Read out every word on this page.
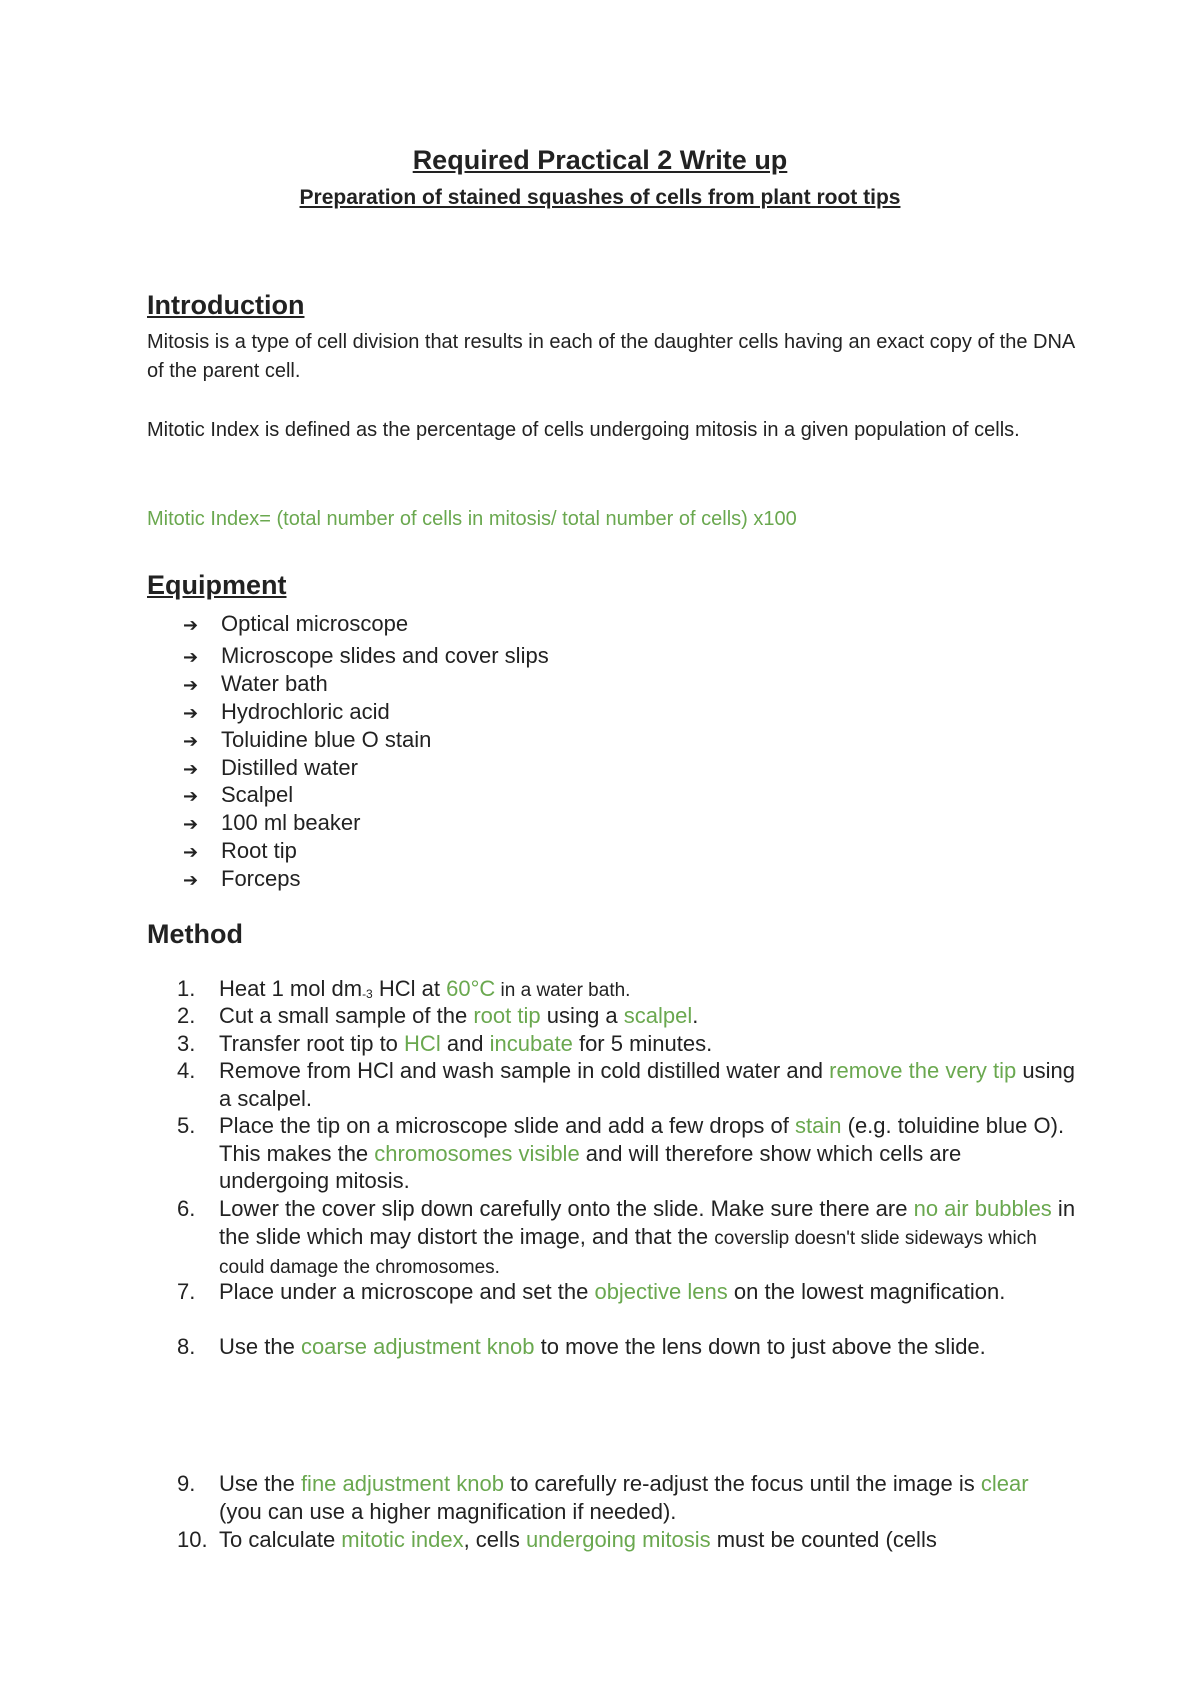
Required Practical 2 Write up
Preparation of stained squashes of cells from plant root tips
Introduction
Mitosis is a type of cell division that results in each of the daughter cells having an exact copy of the DNA of the parent cell.
Mitotic Index is defined as the percentage of cells undergoing mitosis in a given population of cells.
Mitotic Index= (total number of cells in mitosis/ total number of cells) x100
Equipment
➔ Optical microscope
➔ Microscope slides and cover slips
➔ Water bath
➔ Hydrochloric acid
➔ Toluidine blue O stain
➔ Distilled water
➔ Scalpel
➔ 100 ml beaker
➔ Root tip
➔ Forceps
Method
1.	Heat 1 mol dm-3 HCl at 60°C in a water bath.
2.	Cut a small sample of the root tip using a scalpel.
3.	Transfer root tip to HCl and incubate for 5 minutes.
4.	Remove from HCl and wash sample in cold distilled water and remove the very tip using a scalpel.
5.	Place the tip on a microscope slide and add a few drops of stain (e.g. toluidine blue O). This makes the chromosomes visible and will therefore show which cells are undergoing mitosis.
6.	Lower the cover slip down carefully onto the slide. Make sure there are no air bubbles in the slide which may distort the image, and that the coverslip doesn't slide sideways which could damage the chromosomes.
7.	Place under a microscope and set the objective lens on the lowest magnification.
8.	Use the coarse adjustment knob to move the lens down to just above the slide.
9.	Use the fine adjustment knob to carefully re-adjust the focus until the image is clear (you can use a higher magnification if needed).
10. To calculate mitotic index, cells undergoing mitosis must be counted (cells
